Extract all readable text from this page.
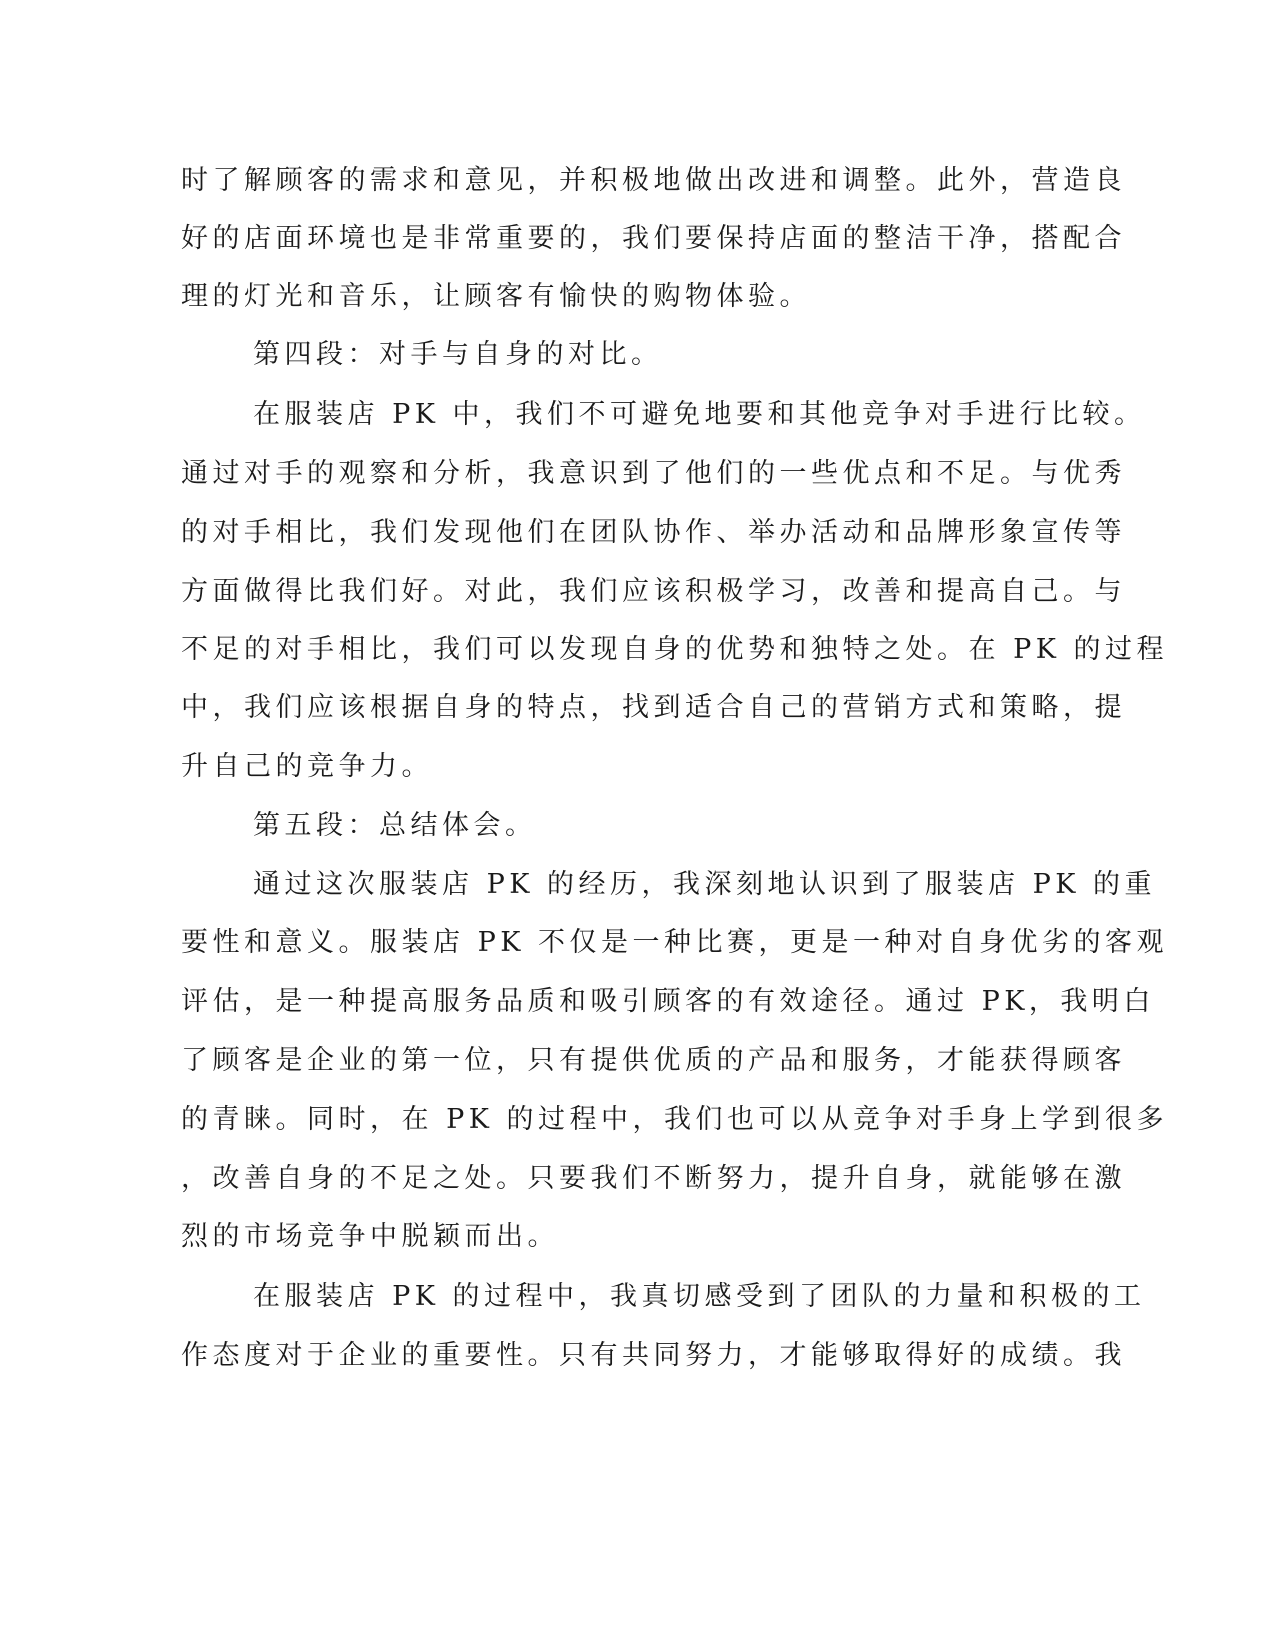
时了解顾客的需求和意见，并积极地做出改进和调整。此外，营造良
好的店面环境也是非常重要的，我们要保持店面的整洁干净，搭配合
理的灯光和音乐，让顾客有愉快的购物体验。
第四段：对手与自身的对比。
在服装店 PK 中，我们不可避免地要和其他竞争对手进行比较。
通过对手的观察和分析，我意识到了他们的一些优点和不足。与优秀
的对手相比，我们发现他们在团队协作、举办活动和品牌形象宣传等
方面做得比我们好。对此，我们应该积极学习，改善和提高自己。与
不足的对手相比，我们可以发现自身的优势和独特之处。在 PK 的过程
中，我们应该根据自身的特点，找到适合自己的营销方式和策略，提
升自己的竞争力。
第五段：总结体会。
通过这次服装店 PK 的经历，我深刻地认识到了服装店 PK 的重
要性和意义。服装店 PK 不仅是一种比赛，更是一种对自身优劣的客观
评估，是一种提高服务品质和吸引顾客的有效途径。通过 PK，我明白
了顾客是企业的第一位，只有提供优质的产品和服务，才能获得顾客
的青睐。同时，在 PK 的过程中，我们也可以从竞争对手身上学到很多
，改善自身的不足之处。只要我们不断努力，提升自身，就能够在激
烈的市场竞争中脱颖而出。
在服装店 PK 的过程中，我真切感受到了团队的力量和积极的工
作态度对于企业的重要性。只有共同努力，才能够取得好的成绩。我
